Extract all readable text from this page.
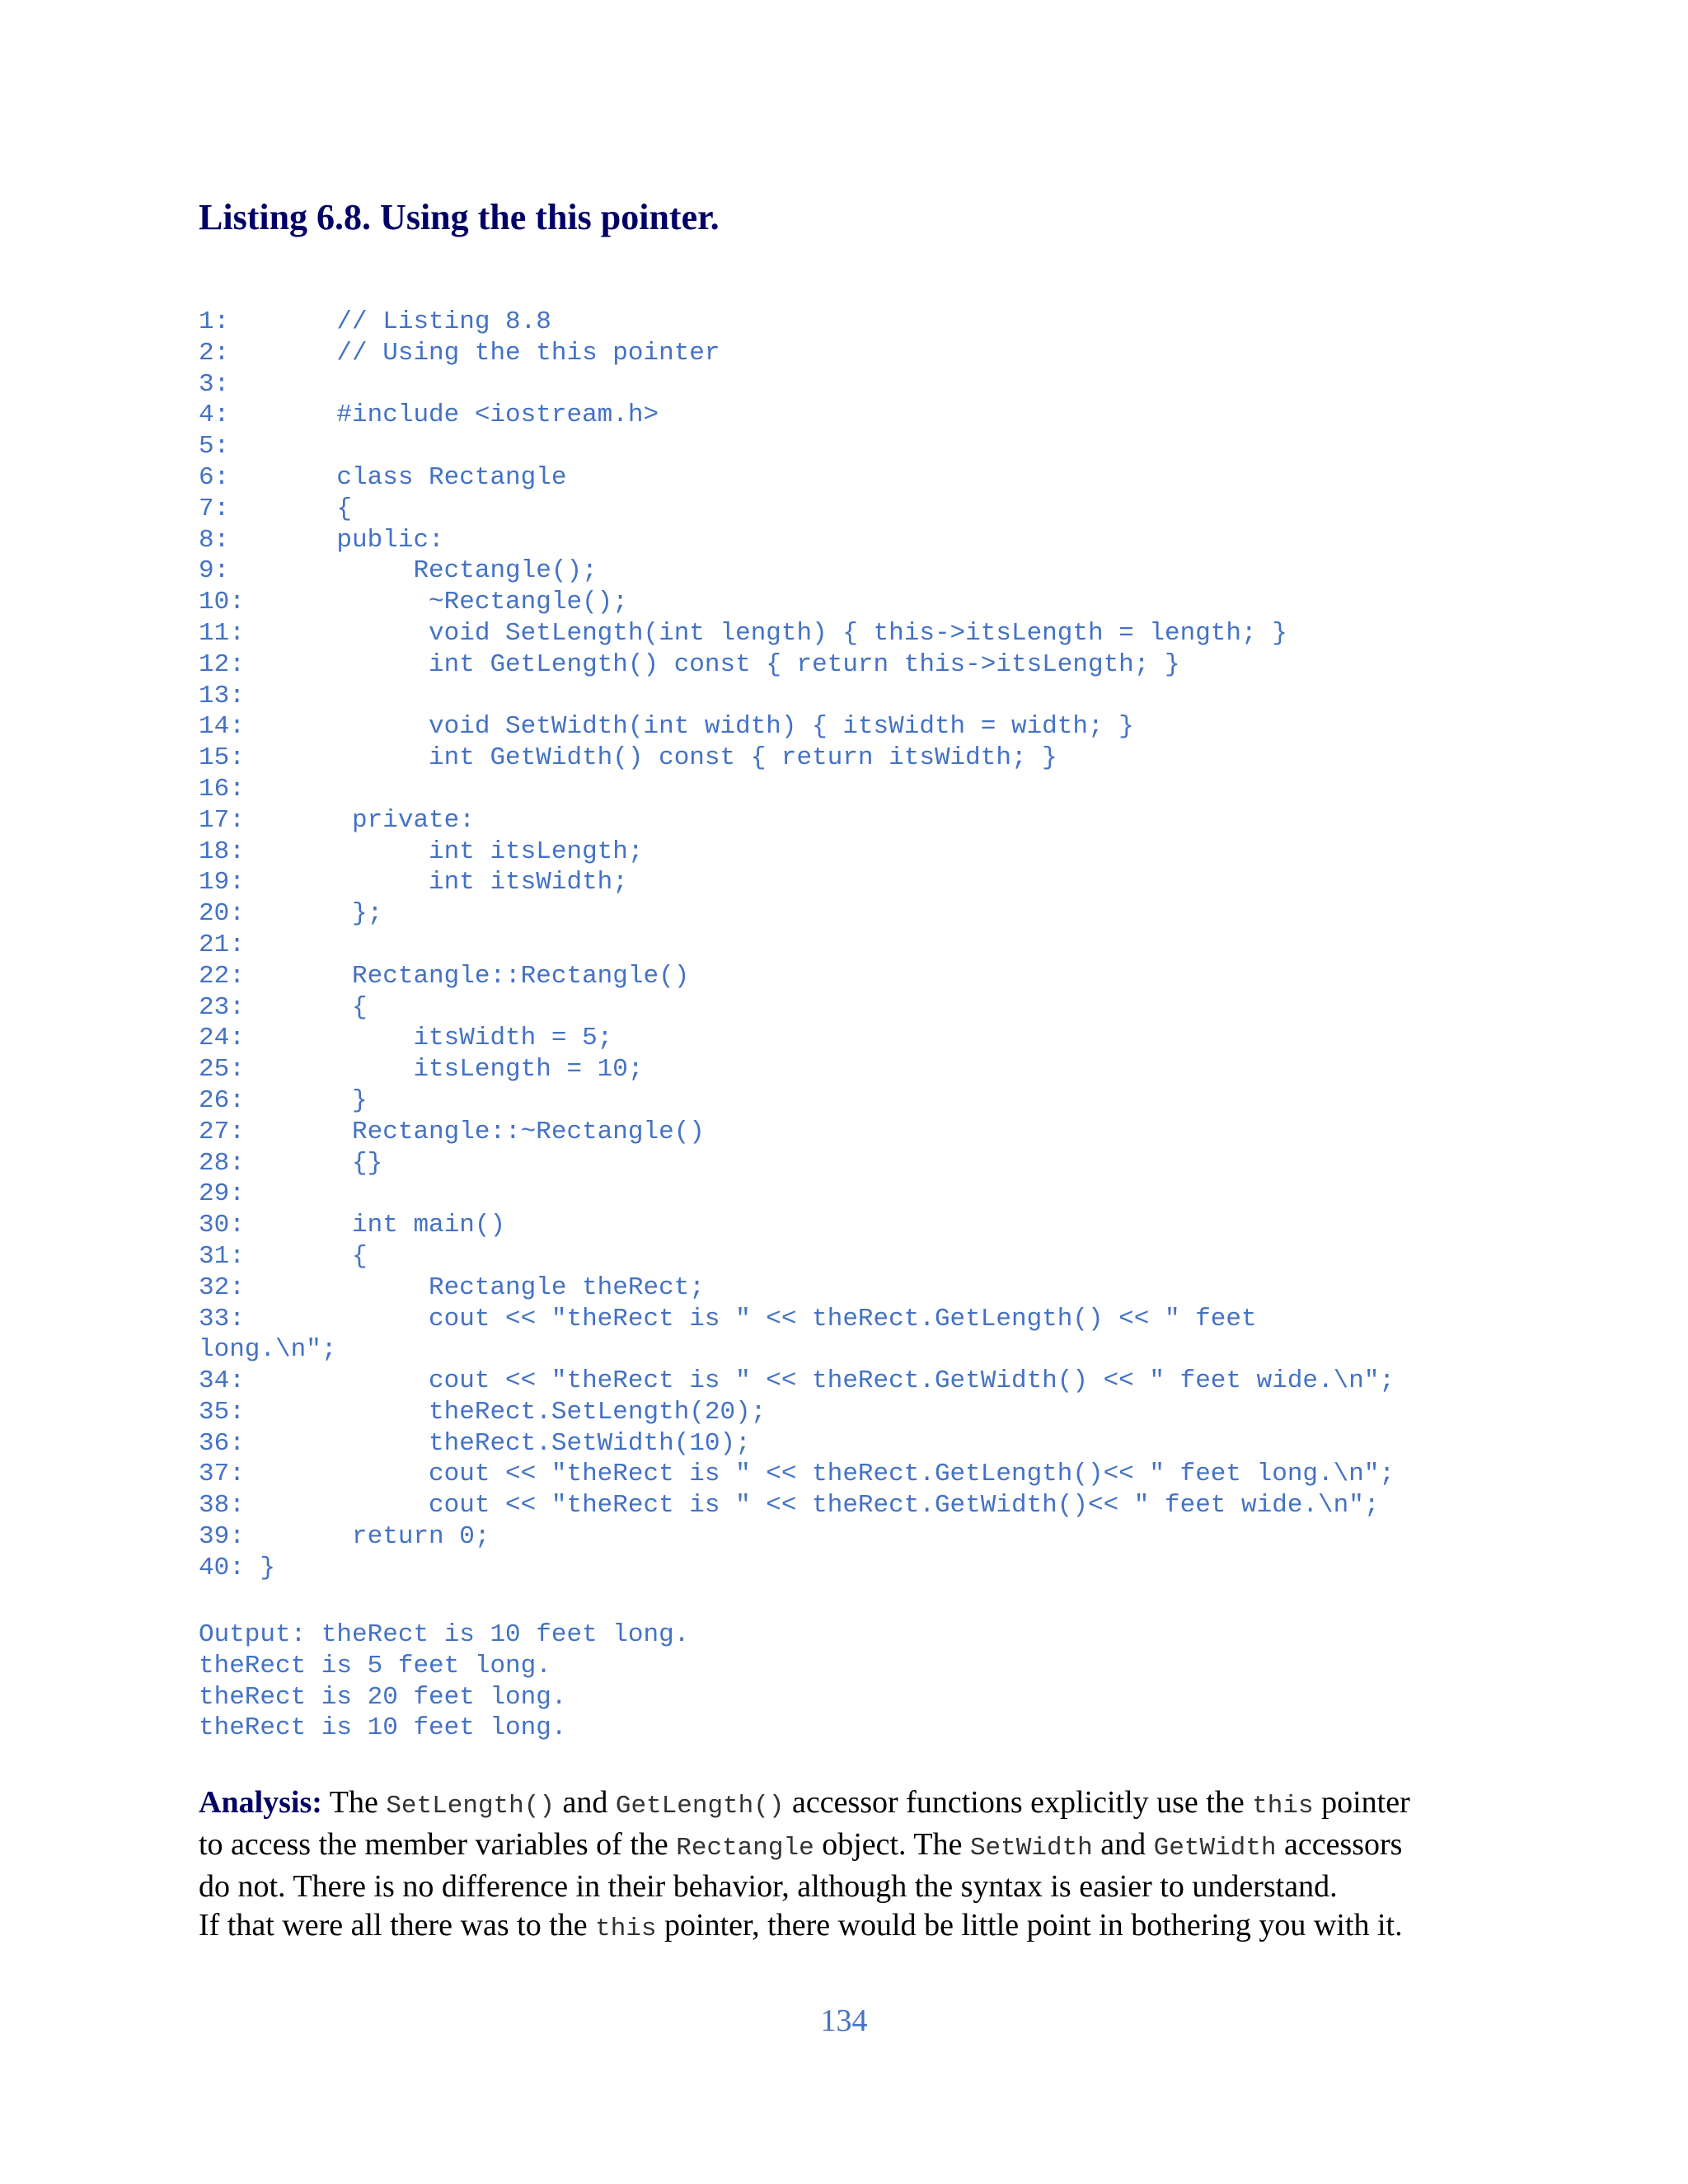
Listing 6.8. Using the this pointer.
1:       // Listing 8.8
2:       // Using the this pointer
3:
4:       #include <iostream.h>
5:
6:       class Rectangle
7:       {
8:       public:
9:            Rectangle();
10:            ~Rectangle();
11:            void SetLength(int length) { this->itsLength = length; }
12:            int GetLength() const { return this->itsLength; }
13:
14:            void SetWidth(int width) { itsWidth = width; }
15:            int GetWidth() const { return itsWidth; }
16:
17:       private:
18:            int itsLength;
19:            int itsWidth;
20:       };
21:
22:       Rectangle::Rectangle()
23:       {
24:           itsWidth = 5;
25:           itsLength = 10;
26:       }
27:       Rectangle::~Rectangle()
28:       {}
29:
30:       int main()
31:       {
32:            Rectangle theRect;
33:            cout << "theRect is " << theRect.GetLength() << " feet
long.\n";
34:            cout << "theRect is " << theRect.GetWidth() << " feet wide.\n";
35:            theRect.SetLength(20);
36:            theRect.SetWidth(10);
37:            cout << "theRect is " << theRect.GetLength()<< " feet long.\n";
38:            cout << "theRect is " << theRect.GetWidth()<< " feet wide.\n";
39:       return 0;
40: }
Output: theRect is 10 feet long.
theRect is 5 feet long.
theRect is 20 feet long.
theRect is 10 feet long.

Analysis: The SetLength() and GetLength() accessor functions explicitly use the this pointer

to access the member variables of the Rectangle object. The SetWidth and GetWidth accessors

do not. There is no difference in their behavior, although the syntax is easier to understand.

If that were all there was to the this pointer, there would be little point in bothering you with it.

134
